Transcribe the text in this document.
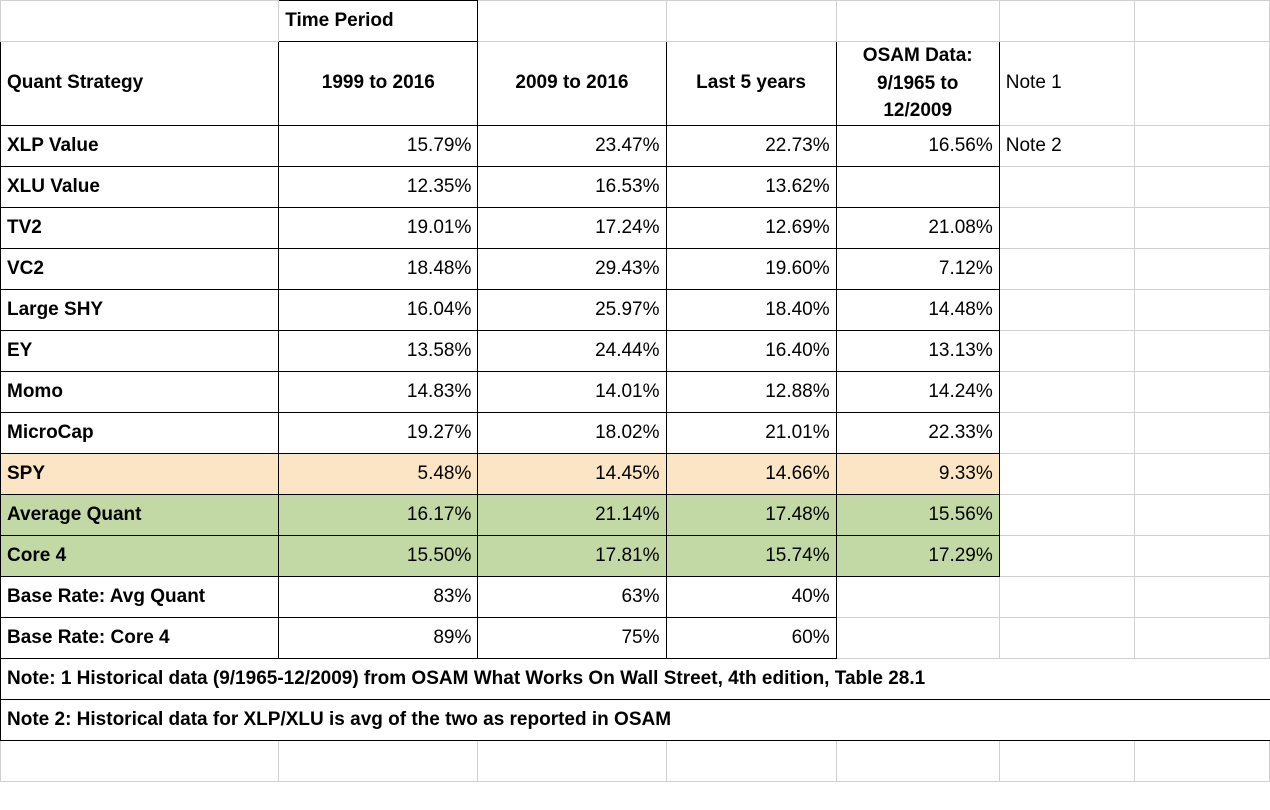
	Time Period					
Quant Strategy	1999 to 2016	2009 to 2016	Last 5 years	OSAM Data:
9/1965 to
12/2009	Note 1	
XLP Value	15.79%	23.47%	22.73%	16.56%	Note 2	
XLU Value	12.35%	16.53%	13.62%			
TV2	19.01%	17.24%	12.69%	21.08%		
VC2	18.48%	29.43%	19.60%	7.12%		
Large SHY	16.04%	25.97%	18.40%	14.48%		
EY	13.58%	24.44%	16.40%	13.13%		
Momo	14.83%	14.01%	12.88%	14.24%		
MicroCap	19.27%	18.02%	21.01%	22.33%		
SPY	5.48%	14.45%	14.66%	9.33%		
Average Quant	16.17%	21.14%	17.48%	15.56%		
Core 4	15.50%	17.81%	15.74%	17.29%		
Base Rate: Avg Quant	83%	63%	40%			
Base Rate: Core 4	89%	75%	60%			
Note: 1 Historical data (9/1965-12/2009) from OSAM What Works On Wall Street, 4th edition, Table 28.1						
Note 2: Historical data for XLP/XLU is avg of the two as reported in OSAM						
